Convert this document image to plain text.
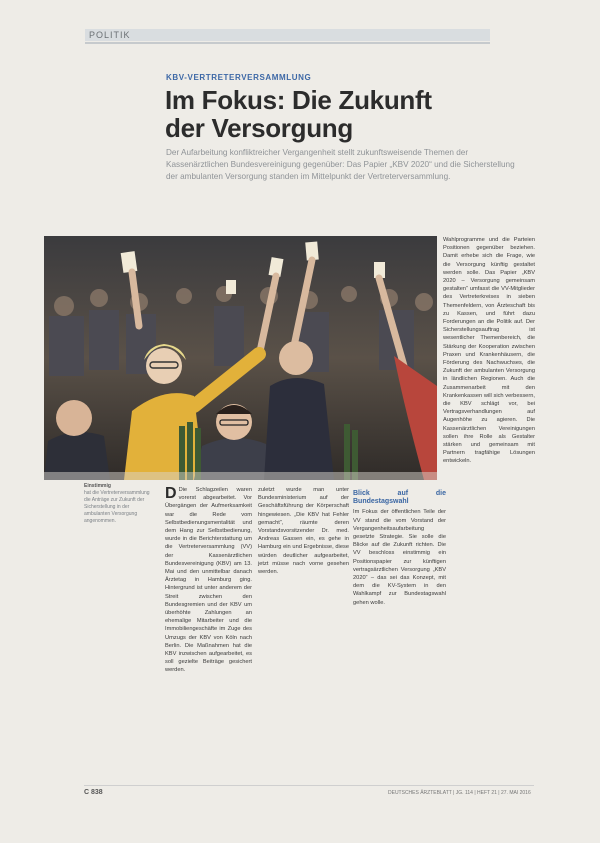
POLITIK
KBV-VERTRETERVERSAMMLUNG
Im Fokus: Die Zukunft der Versorgung

Der Aufarbeitung konfliktreicher Vergangenheit stellt zukunftsweisende Themen der Kassenärztlichen Bundesvereinigung gegenüber: Das Papier „KBV 2020“ und die Sicherstellung der ambulanten Versorgung standen im Mittelpunkt der Vertreterversammlung.

Einstimmig
hat die Vertreterversammlung die Anträge zur Zukunft der Sicherstellung in der ambulanten Versorgung angenommen.
D Die Schlagzeilen waren vorerst abgearbeitet. Vor Übergängen der Aufmerksamkeit war die Rede vom Selbstbedienungsmentalität und dem Hang zur Selbstbedienung, wurde in die Berichterstattung um die Vertreterversammlung (VV) der Kassenärztlichen Bundesvereinigung (KBV) am 13. Mai und den unmittelbar danach Ärztetag in Hamburg ging. Hintergrund ist unter anderem der Streit zwischen den Bundesgremien und der KBV um überhöhte Zahlungen an ehemalige Mitarbeiter und die Immobiliengeschäfte im Zuge des Umzugs der KBV von Köln nach Berlin. Die Maßnahmen hat die KBV inzwischen aufgearbeitet, es soll gezielte Beiträge gesichert werden.
zuletzt wurde man unter Bundesministerium auf der Geschäftsführung der Körperschaft hingewiesen. „Die KBV hat Fehler gemacht“, räumte deren Vorstandsvorsitzender Dr. med. Andreas Gassen ein, es gehe in Hamburg ein und Ergebnisse, diese würden deutlicher aufgearbeitet, jetzt müsse nach vorne gesehen werden.
Blick auf die Bundestagswahl
Im Fokus der öffentlichen Teile der VV stand die vom Vorstand der Vergangenheitsaufarbeitung gesetzte Strategie. Sie solle die Blicke auf die Zukunft richten. Die VV beschloss einstimmig ein Positionspapier zur künftigen vertragsärztlichen Versorgung „KBV 2020“ – das sei das Konzept, mit dem die KV-System in den Wahlkampf zur Bundestagswahl gehen wolle.
Wahlprogramme und die Parteien Positionen gegenüber beziehen. Damit erhebe sich die Frage, wie die Versorgung künftig gestaltet werden solle. Das Papier „KBV 2020 – Versorgung gemeinsam gestalten“ umfasst die VV-Mitglieder des Vertreterkreises in sieben Themenfeldern, von Ärzteschaft bis zu Kassen, und führt dazu Forderungen an die Politik auf. Der Sicherstellungsauftrag ist wesentlicher Themenbereich, die Stärkung der Kooperation zwischen Praxen und Krankenhäusern, die Förderung des Nachwuchses, die Zukunft der ambulanten Versorgung in ländlichen Regionen. Auch die Zusammenarbeit mit den Krankenkassen will sich verbessern, die KBV schlägt vor, bei Vertragsverhandlungen auf Augenhöhe zu agieren. Die Kassenärztlichen Vereinigungen sollen ihre Rolle als Gestalter stärken und gemeinsam mit Partnern tragfähige Lösungen entwickeln.
C 838	DEUTSCHES ÄRZTEBLATT | JG. 114 | HEFT 21 | 27. MAI 2016
